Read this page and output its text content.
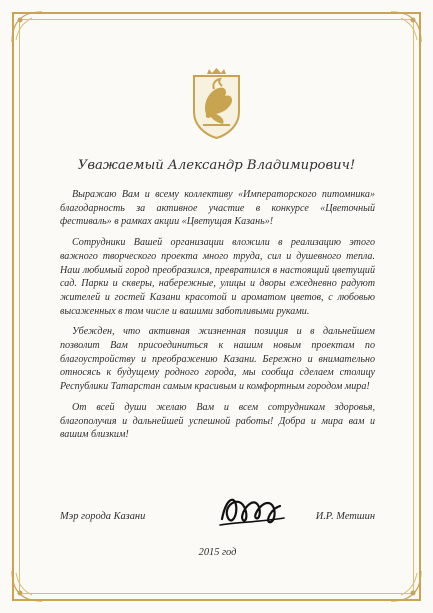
Уважаемый Александр Владимирович!

Выражаю Вам и всему коллективу «Императорского питомника» благодарность за активное участие в конкурсе «Цветочный фестиваль» в рамках акции «Цветущая Казань»!

Сотрудники Вашей организации вложили в реализацию этого важного творческого проекта много труда, сил и душевного тепла. Наш любимый город преобразился, превратился в настоящий цветущий сад. Парки и скверы, набережные, улицы и дворы ежедневно радуют жителей и гостей Казани красотой и ароматом цветов, с любовью высаженных в том числе и вашими заботливыми руками.

Убежден, что активная жизненная позиция и в дальнейшем позволит Вам присоединиться к нашим новым проектам по благоустройству и преображению Казани. Бережно и внимательно относясь к будущему родного города, мы сообща сделаем столицу Республики Татарстан самым красивым и комфортным городом мира!

От всей души желаю Вам и всем сотрудникам здоровья, благополучия и дальнейшей успешной работы! Добра и мира вам и вашим близким!

Мэр города Казани	И.Р. Метшин
2015 год
